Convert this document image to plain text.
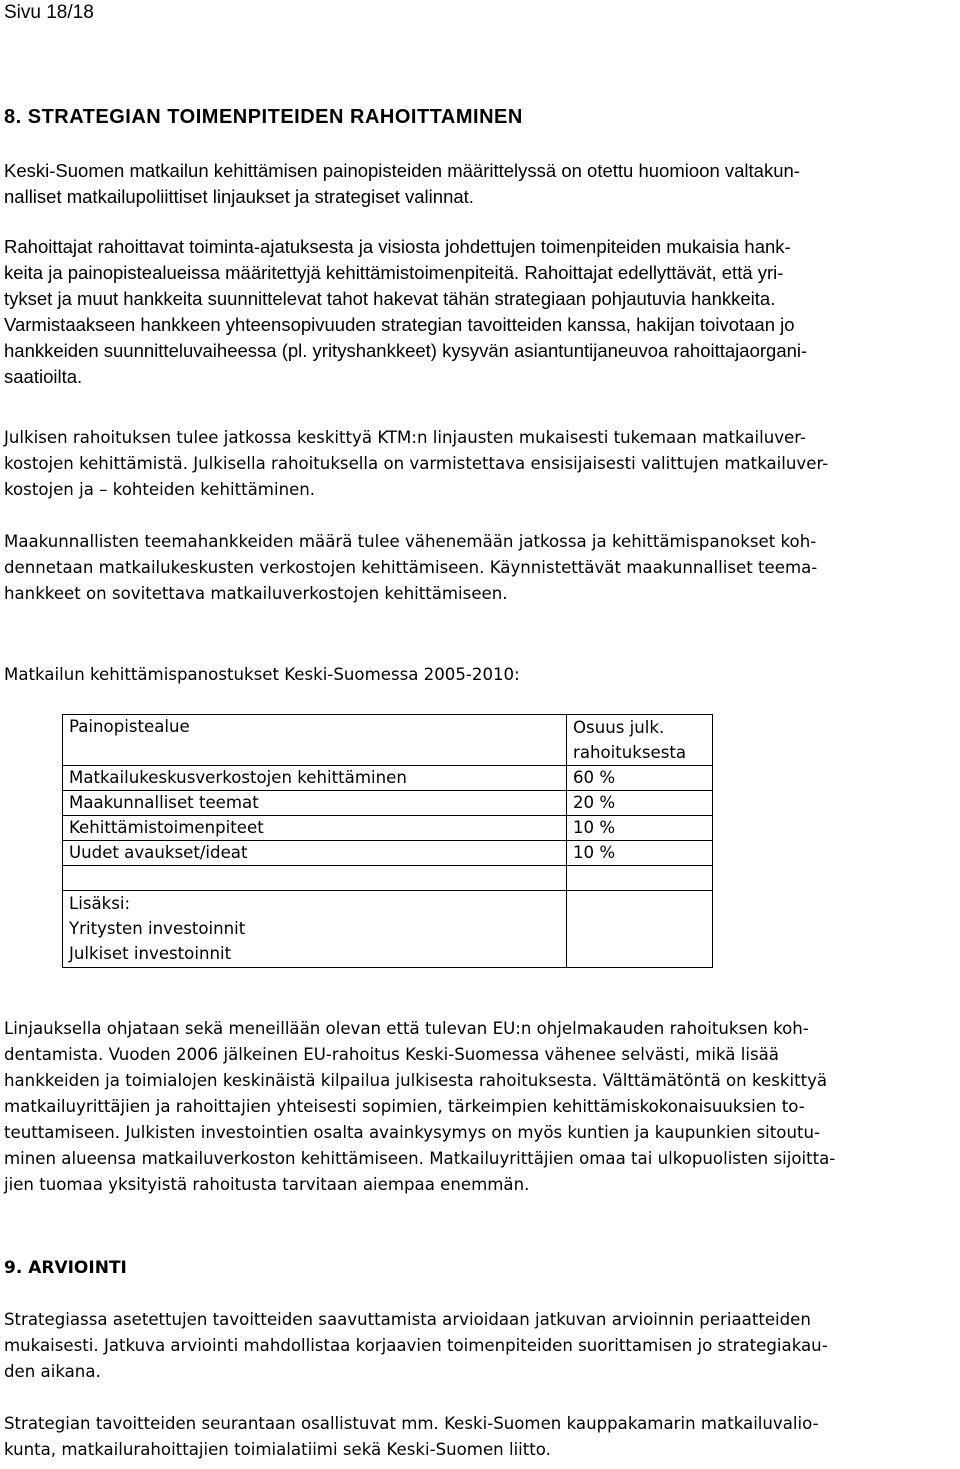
Sivu 18/18
8. STRATEGIAN TOIMENPITEIDEN RAHOITTAMINEN
Keski-Suomen matkailun kehittämisen painopisteiden määrittelyssä on otettu huomioon valtakun-
nalliset matkailupoliittiset linjaukset ja strategiset valinnat.
Rahoittajat rahoittavat toiminta-ajatuksesta ja visiosta johdettujen toimenpiteiden mukaisia hank-
keita ja painopistealueissa määritettyjä kehittämistoimenpiteitä. Rahoittajat edellyttävät, että yri-
tykset ja muut hankkeita suunnittelevat tahot hakevat tähän strategiaan pohjautuvia hankkeita.
Varmistaakseen hankkeen yhteensopivuuden strategian tavoitteiden kanssa, hakijan toivotaan jo
hankkeiden suunnitteluvaiheessa (pl. yrityshankkeet) kysyvän asiantuntijaneuvoa rahoittajaorgani-
saatioilta.
Julkisen rahoituksen tulee jatkossa keskittyä KTM:n linjausten mukaisesti tukemaan matkailuver-
kostojen kehittämistä. Julkisella rahoituksella on varmistettava ensisijaisesti valittujen matkailuver-
kostojen ja – kohteiden kehittäminen.
Maakunnallisten teemahankkeiden määrä tulee vähenemään jatkossa ja kehittämispanokset koh-
dennetaan matkailukeskusten verkostojen kehittämiseen. Käynnistettävät maakunnalliset teema-
hankkeet on sovitettava matkailuverkostojen kehittämiseen.
Matkailun kehittämispanostukset Keski-Suomessa 2005-2010:
Painopistealue	Osuus julk.
rahoituksesta

Matkailukeskusverkostojen kehittäminen	60 %
Maakunnalliset teemat	20 %
Kehittämistoimenpiteet	10 %
Uudet avaukset/ideat	10 %

Lisäksi:
Yritysten investoinnit
Julkiset investoinnit	

Linjauksella ohjataan sekä meneillään olevan että tulevan EU:n ohjelmakauden rahoituksen koh-
dentamista. Vuoden 2006 jälkeinen EU-rahoitus Keski-Suomessa vähenee selvästi, mikä lisää
hankkeiden ja toimialojen keskinäistä kilpailua julkisesta rahoituksesta. Välttämätöntä on keskittyä
matkailuyrittäjien ja rahoittajien yhteisesti sopimien, tärkeimpien kehittämiskokonaisuuksien to-
teuttamiseen. Julkisten investointien osalta avainkysymys on myös kuntien ja kaupunkien sitoutu-
minen alueensa matkailuverkoston kehittämiseen. Matkailuyrittäjien omaa tai ulkopuolisten sijoitta-
jien tuomaa yksityistä rahoitusta tarvitaan aiempaa enemmän.
9. ARVIOINTI
Strategiassa asetettujen tavoitteiden saavuttamista arvioidaan jatkuvan arvioinnin periaatteiden
mukaisesti. Jatkuva arviointi mahdollistaa korjaavien toimenpiteiden suorittamisen jo strategiakau-
den aikana.
Strategian tavoitteiden seurantaan osallistuvat mm. Keski-Suomen kauppakamarin matkailuvalio-
kunta, matkailurahoittajien toimialatiimi sekä Keski-Suomen liitto.
